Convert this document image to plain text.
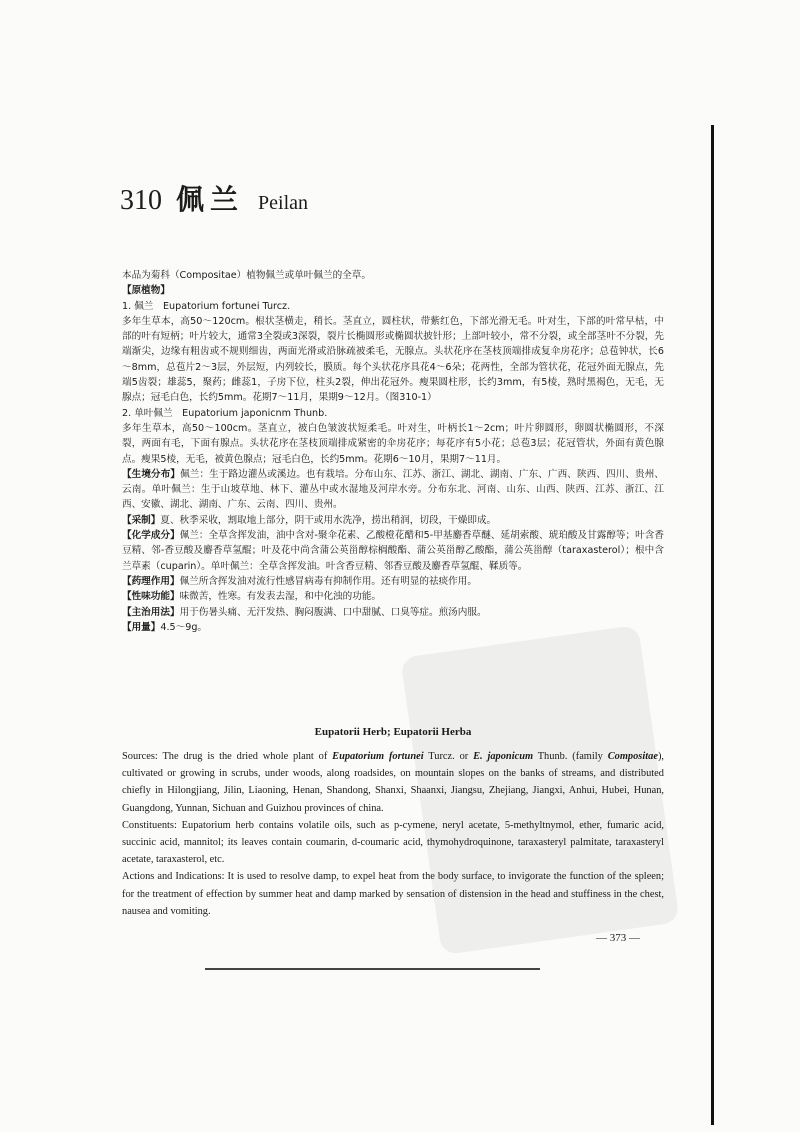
310 佩兰 Peilan

本品为菊科（Compositae）植物佩兰或单叶佩兰的全草。

【原植物】

1. 佩兰　Eupatorium fortunei Turcz.

多年生草本，高50～120cm。根状茎横走，稍长。茎直立，圆柱状，带紫红色，下部光滑无毛。叶对生，下部的叶常早枯，中部的叶有短柄；叶片较大，通常3全裂或3深裂，裂片长椭圆形或椭圆状披针形；上部叶较小，常不分裂，或全部茎叶不分裂，先端渐尖，边缘有粗齿或不规则细齿，两面光滑或沿脉疏被柔毛，无腺点。头状花序在茎枝顶端排成复伞房花序；总苞钟状，长6～8mm，总苞片2～3层，外层短，内列较长，膜质。每个头状花序具花4～6朵；花两性，全部为管状花，花冠外面无腺点，先端5齿裂；雄蕊5，聚药；雌蕊1，子房下位，柱头2裂，伸出花冠外。瘦果圆柱形，长约3mm，有5棱，熟时黑褐色，无毛，无腺点；冠毛白色，长约5mm。花期7～11月，果期9～12月。（图310-1）

2. 单叶佩兰　Eupatorium japonicnm Thunb.

多年生草本，高50～100cm。茎直立，被白色皱波状短柔毛。叶对生，叶柄长1～2cm；叶片卵圆形，卵圆状椭圆形，不深裂，两面有毛，下面有腺点。头状花序在茎枝顶端排成紧密的伞房花序；每花序有5小花；总苞3层；花冠管状，外面有黄色腺点。瘦果5棱，无毛，被黄色腺点；冠毛白色，长约5mm。花期6～10月，果期7～11月。

【生境分布】佩兰：生于路边灌丛或溪边。也有栽培。分布山东、江苏、浙江、湖北、湖南、广东、广西、陕西、四川、贵州、云南。单叶佩兰：生于山坡草地、林下、灌丛中或水湿地及河岸水旁。分布东北、河南、山东、山西、陕西、江苏、浙江、江西、安徽、湖北、湖南、广东、云南、四川、贵州。

【采制】夏、秋季采收，割取地上部分，阴干或用水洗净，捞出稍润，切段，干燥即成。

【化学成分】佩兰：全草含挥发油，油中含对-聚伞花素、乙酸橙花醋和5-甲基麝香草醚、延胡索酸、琥珀酸及甘露醇等；叶含香豆精、邻-香豆酸及麝香草氢醌；叶及花中尚含蒲公英甾醇棕榈酸酯、蒲公英甾醇乙酸酯，蒲公英甾醇（taraxasterol）；根中含兰草素（cuparin）。单叶佩兰：全草含挥发油。叶含香豆精、邻香豆酸及麝香草氢醌、鞣质等。

【药理作用】佩兰所含挥发油对流行性感冒病毒有抑制作用。还有明显的祛痰作用。

【性味功能】味微苦，性寒。有发表去湿，和中化浊的功能。

【主治用法】用于伤暑头痛、无汗发热、胸闷腹满、口中甜腻、口臭等症。煎汤内服。

【用量】4.5～9g。

Eupatorii Herb; Eupatorii Herba

Sources: The drug is the dried whole plant of Eupatorium fortunei Turcz. or E. japonicum Thunb. (family Compositae), cultivated or growing in scrubs, under woods, along roadsides, on mountain slopes on the banks of streams, and distributed chiefly in Hilongjiang, Jilin, Liaoning, Henan, Shandong, Shanxi, Shaanxi, Jiangsu, Zhejiang, Jiangxi, Anhui, Hubei, Hunan, Guangdong, Yunnan, Sichuan and Guizhou provinces of china.

Constituents: Eupatorium herb contains volatile oils, such as p-cymene, neryl acetate, 5-methyltnymol, ether, fumaric acid, succinic acid, mannitol; its leaves contain coumarin, d-coumaric acid, thymohydroquinone, taraxasteryl palmitate, taraxasteryl acetate, taraxasterol, etc.

Actions and Indications: It is used to resolve damp, to expel heat from the body surface, to invigorate the function of the spleen; for the treatment of effection by summer heat and damp marked by sensation of distension in the head and stuffiness in the chest, nausea and vomiting.

— 373 —
